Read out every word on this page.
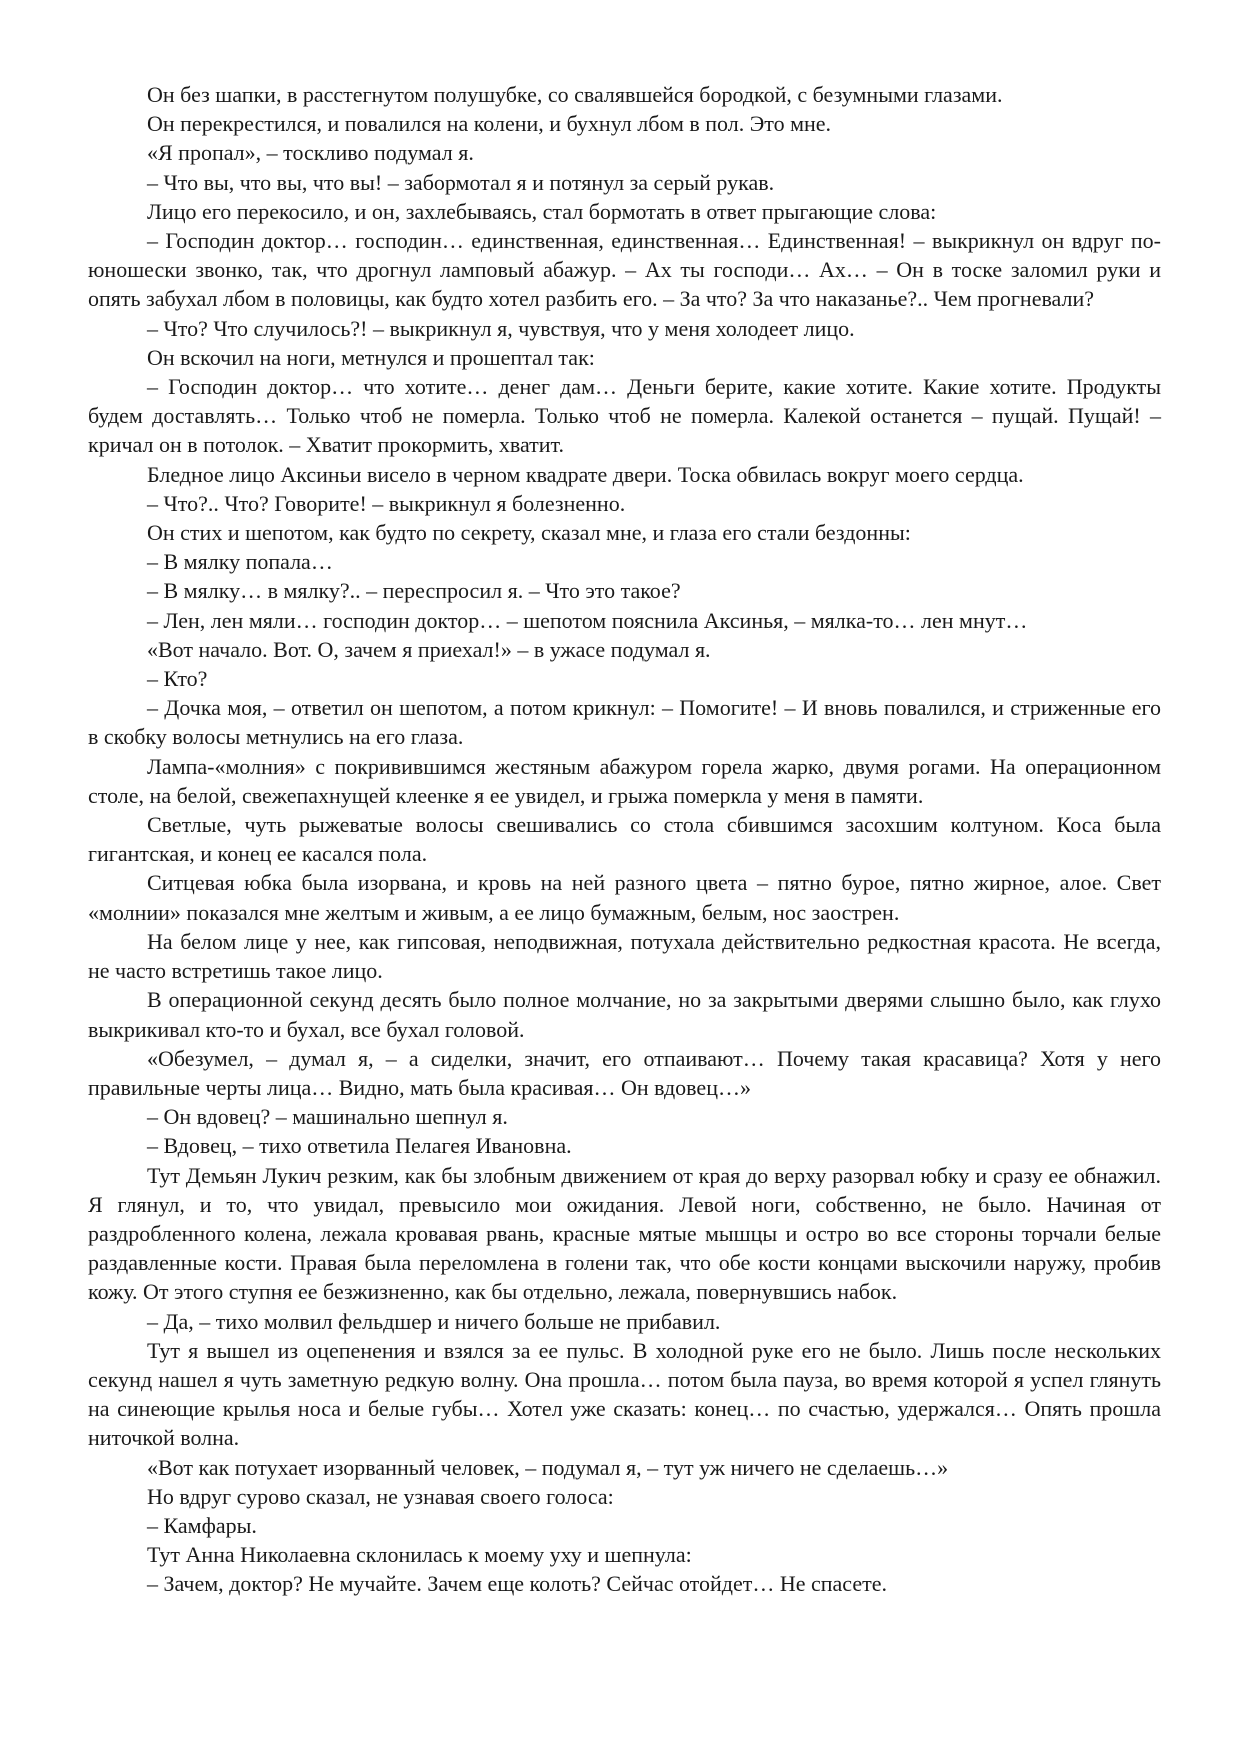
Он без шапки, в расстегнутом полушубке, со свалявшейся бородкой, с безумными глазами.

Он перекрестился, и повалился на колени, и бухнул лбом в пол. Это мне.

«Я пропал», – тоскливо подумал я.

– Что вы, что вы, что вы! – забормотал я и потянул за серый рукав.

Лицо его перекосило, и он, захлебываясь, стал бормотать в ответ прыгающие слова:

– Господин доктор… господин… единственная, единственная… Единственная! – выкрикнул он вдруг по-юношески звонко, так, что дрогнул ламповый абажур. – Ах ты господи… Ах… – Он в тоске заломил руки и опять забухал лбом в половицы, как будто хотел разбить его. – За что? За что наказанье?.. Чем прогневали?

– Что? Что случилось?! – выкрикнул я, чувствуя, что у меня холодеет лицо.

Он вскочил на ноги, метнулся и прошептал так:

– Господин доктор… что хотите… денег дам… Деньги берите, какие хотите. Какие хотите. Продукты будем доставлять… Только чтоб не померла. Только чтоб не померла. Калекой останется – пущай. Пущай! – кричал он в потолок. – Хватит прокормить, хватит.

Бледное лицо Аксиньи висело в черном квадрате двери. Тоска обвилась вокруг моего сердца.

– Что?.. Что? Говорите! – выкрикнул я болезненно.

Он стих и шепотом, как будто по секрету, сказал мне, и глаза его стали бездонны:

– В мялку попала…

– В мялку… в мялку?.. – переспросил я. – Что это такое?

– Лен, лен мяли… господин доктор… – шепотом пояснила Аксинья, – мялка-то… лен мнут…

«Вот начало. Вот. О, зачем я приехал!» – в ужасе подумал я.

– Кто?

– Дочка моя, – ответил он шепотом, а потом крикнул: – Помогите! – И вновь повалился, и стриженные его в скобку волосы метнулись на его глаза.

Лампа-«молния» с покривившимся жестяным абажуром горела жарко, двумя рогами. На операционном столе, на белой, свежепахнущей клеенке я ее увидел, и грыжа померкла у меня в памяти.

Светлые, чуть рыжеватые волосы свешивались со стола сбившимся засохшим колтуном. Коса была гигантская, и конец ее касался пола.

Ситцевая юбка была изорвана, и кровь на ней разного цвета – пятно бурое, пятно жирное, алое. Свет «молнии» показался мне желтым и живым, а ее лицо бумажным, белым, нос заострен.

На белом лице у нее, как гипсовая, неподвижная, потухала действительно редкостная красота. Не всегда, не часто встретишь такое лицо.

В операционной секунд десять было полное молчание, но за закрытыми дверями слышно было, как глухо выкрикивал кто-то и бухал, все бухал головой.

«Обезумел, – думал я, – а сиделки, значит, его отпаивают… Почему такая красавица? Хотя у него правильные черты лица… Видно, мать была красивая… Он вдовец…»

– Он вдовец? – машинально шепнул я.

– Вдовец, – тихо ответила Пелагея Ивановна.

Тут Демьян Лукич резким, как бы злобным движением от края до верху разорвал юбку и сразу ее обнажил. Я глянул, и то, что увидал, превысило мои ожидания. Левой ноги, собственно, не было. Начиная от раздробленного колена, лежала кровавая рвань, красные мятые мышцы и остро во все стороны торчали белые раздавленные кости. Правая была переломлена в голени так, что обе кости концами выскочили наружу, пробив кожу. От этого ступня ее безжизненно, как бы отдельно, лежала, повернувшись набок.

– Да, – тихо молвил фельдшер и ничего больше не прибавил.

Тут я вышел из оцепенения и взялся за ее пульс. В холодной руке его не было. Лишь после нескольких секунд нашел я чуть заметную редкую волну. Она прошла… потом была пауза, во время которой я успел глянуть на синеющие крылья носа и белые губы… Хотел уже сказать: конец… по счастью, удержался… Опять прошла ниточкой волна.

«Вот как потухает изорванный человек, – подумал я, – тут уж ничего не сделаешь…»

Но вдруг сурово сказал, не узнавая своего голоса:

– Камфары.

Тут Анна Николаевна склонилась к моему уху и шепнула:

– Зачем, доктор? Не мучайте. Зачем еще колоть? Сейчас отойдет… Не спасете.
